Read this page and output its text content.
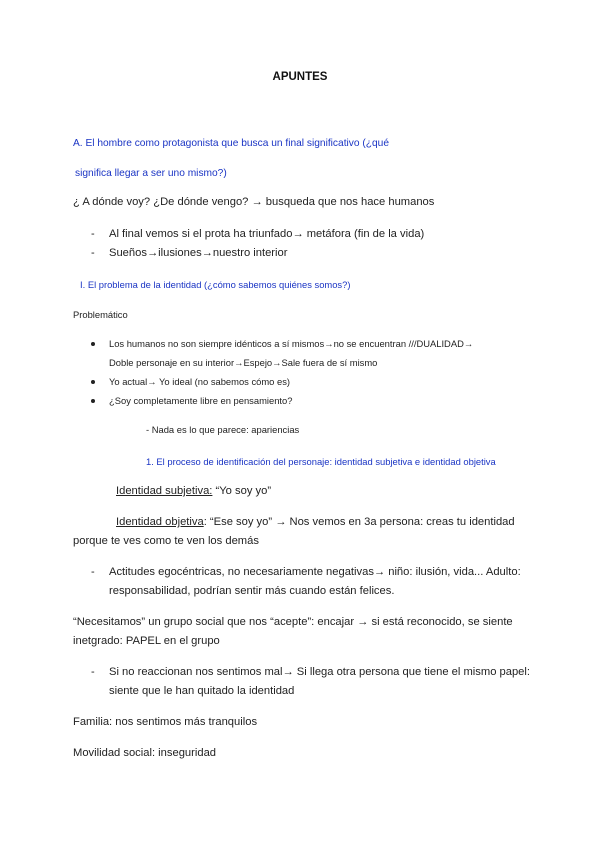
APUNTES
A. El hombre como protagonista que busca un final significativo (¿qué
significa llegar a ser uno mismo?)
¿ A dónde voy? ¿De dónde vengo? → busqueda que nos hace humanos
- Al final vemos si el prota ha triunfado→ metáfora (fin de la vida)
- Sueños→ilusiones→nuestro interior
I. El problema de la identidad (¿cómo sabemos quiénes somos?)
Problemático
Los humanos no son siempre idénticos a sí mismos→no se encuentran ///DUALIDAD→
Doble personaje en su interior→Espejo→Sale fuera de sí mismo
Yo actual→ Yo ideal (no sabemos cómo es)
¿Soy completamente libre en pensamiento?
- Nada es lo que parece: apariencias
1. El proceso de identificación del personaje: identidad subjetiva e identidad objetiva
Identidad subjetiva: “Yo soy yo”
Identidad objetiva: “Ese soy yo” → Nos vemos en 3a persona: creas tu identidad
porque te ves como te ven los demás
- Actitudes egocéntricas, no necesariamente negativas→ niño: ilusión, vida... Adulto:
responsabilidad, podrían sentir más cuando están felices.
“Necesitamos” un grupo social que nos “acepte”: encajar → si está reconocido, se siente
inetgrado: PAPEL en el grupo
- Si no reaccionan nos sentimos mal→ Si llega otra persona que tiene el mismo papel:
siente que le han quitado la identidad
Familia: nos sentimos más tranquilos
Movilidad social: inseguridad
